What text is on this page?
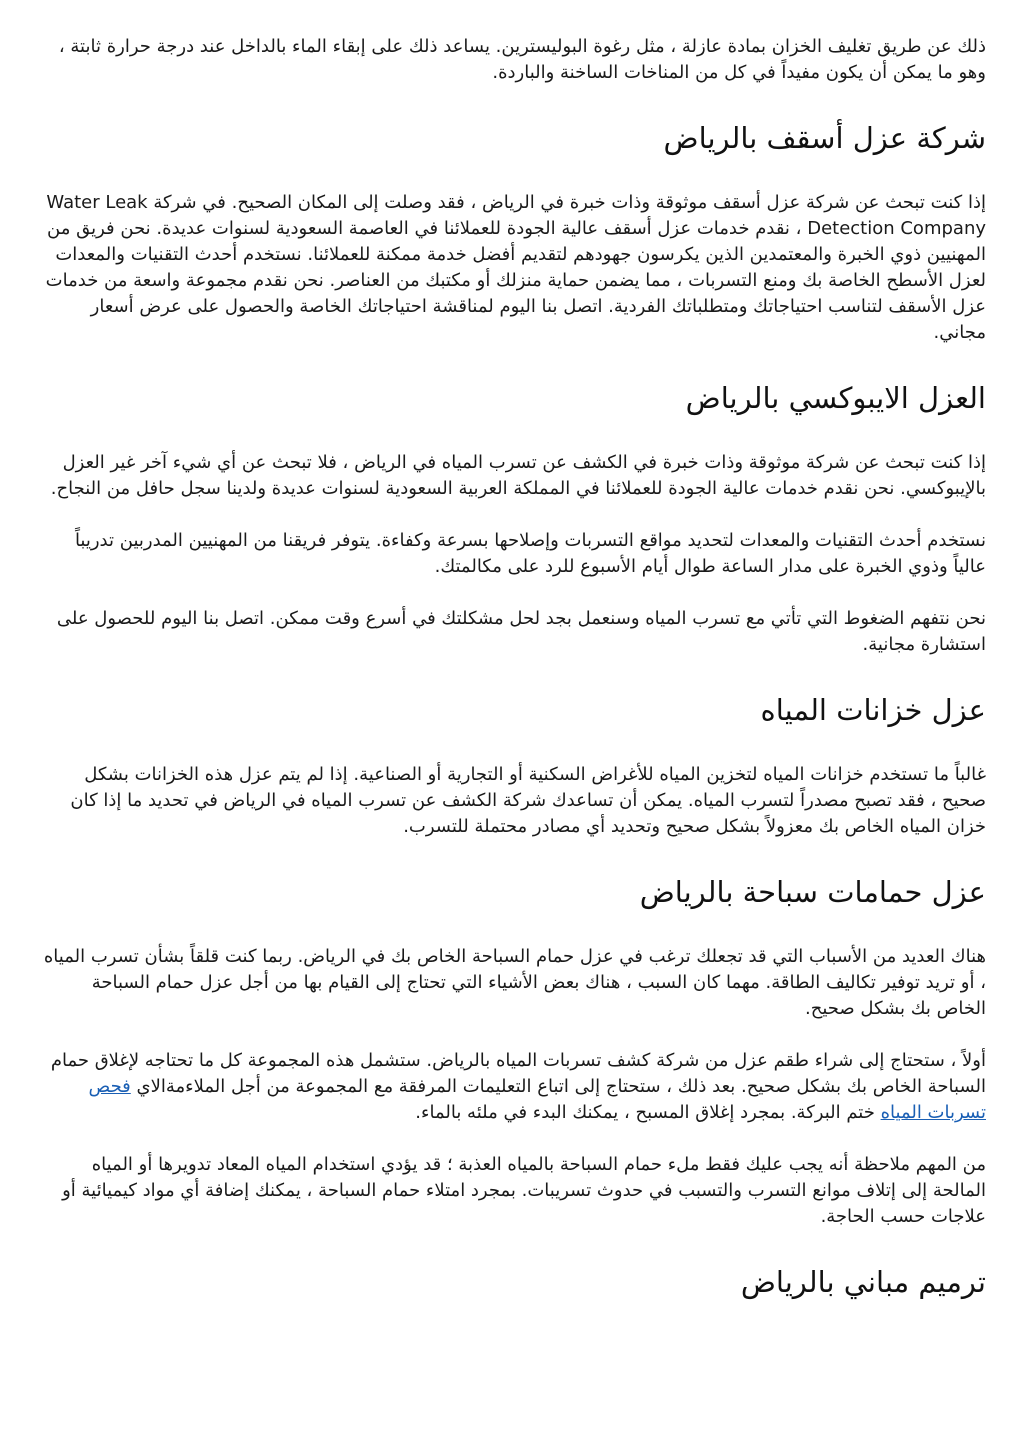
ذلك عن طريق تغليف الخزان بمادة عازلة ، مثل رغوة البوليسترين. يساعد ذلك على إبقاء الماء بالداخل عند درجة حرارة ثابتة ، وهو ما يمكن أن يكون مفيداً في كل من المناخات الساخنة والباردة.

شركة عزل أسقف بالرياض

إذا كنت تبحث عن شركة عزل أسقف موثوقة وذات خبرة في الرياض ، فقد وصلت إلى المكان الصحيح. في شركة Water Leak Detection Company ، نقدم خدمات عزل أسقف عالية الجودة للعملائنا في العاصمة السعودية لسنوات عديدة. نحن فريق من المهنيين ذوي الخبرة والمعتمدين الذين يكرسون جهودهم لتقديم أفضل خدمة ممكنة للعملائنا. نستخدم أحدث التقنيات والمعدات لعزل الأسطح الخاصة بك ومنع التسربات ، مما يضمن حماية منزلك أو مكتبك من العناصر. نحن نقدم مجموعة واسعة من خدمات عزل الأسقف لتناسب احتياجاتك ومتطلباتك الفردية. اتصل بنا اليوم لمناقشة احتياجاتك الخاصة والحصول على عرض أسعار مجاني.

العزل الايبوكسي بالرياض

إذا كنت تبحث عن شركة موثوقة وذات خبرة في الكشف عن تسرب المياه في الرياض ، فلا تبحث عن أي شيء آخر غير العزل بالإيبوكسي. نحن نقدم خدمات عالية الجودة للعملائنا في المملكة العربية السعودية لسنوات عديدة ولدينا سجل حافل من النجاح.

نستخدم أحدث التقنيات والمعدات لتحديد مواقع التسربات وإصلاحها بسرعة وكفاءة. يتوفر فريقنا من المهنيين المدربين تدريباً عالياً وذوي الخبرة على مدار الساعة طوال أيام الأسبوع للرد على مكالمتك.

نحن نتفهم الضغوط التي تأتي مع تسرب المياه وسنعمل بجد لحل مشكلتك في أسرع وقت ممكن. اتصل بنا اليوم للحصول على استشارة مجانية.

عزل خزانات المياه

غالباً ما تستخدم خزانات المياه لتخزين المياه للأغراض السكنية أو التجارية أو الصناعية. إذا لم يتم عزل هذه الخزانات بشكل صحيح ، فقد تصبح مصدراً لتسرب المياه. يمكن أن تساعدك شركة الكشف عن تسرب المياه في الرياض في تحديد ما إذا كان خزان المياه الخاص بك معزولاً بشكل صحيح وتحديد أي مصادر محتملة للتسرب.

عزل حمامات سباحة بالرياض

هناك العديد من الأسباب التي قد تجعلك ترغب في عزل حمام السباحة الخاص بك في الرياض. ربما كنت قلقاً بشأن تسرب المياه ، أو تريد توفير تكاليف الطاقة. مهما كان السبب ، هناك بعض الأشياء التي تحتاج إلى القيام بها من أجل عزل حمام السباحة الخاص بك بشكل صحيح.

أولاً ، ستحتاج إلى شراء طقم عزل من شركة كشف تسربات المياه بالرياض. ستشمل هذه المجموعة كل ما تحتاجه لإغلاق حمام السباحة الخاص بك بشكل صحيح. بعد ذلك ، ستحتاج إلى اتباع التعليمات المرفقة مع المجموعة من أجل الملاءمةالاي فحص تسربات المياه ختم البركة. بمجرد إغلاق المسبح ، يمكنك البدء في ملئه بالماء.

من المهم ملاحظة أنه يجب عليك فقط ملء حمام السباحة بالمياه العذبة ؛ قد يؤدي استخدام المياه المعاد تدويرها أو المياه المالحة إلى إتلاف موانع التسرب والتسبب في حدوث تسريبات. بمجرد امتلاء حمام السباحة ، يمكنك إضافة أي مواد كيميائية أو علاجات حسب الحاجة.

ترميم مباني بالرياض
